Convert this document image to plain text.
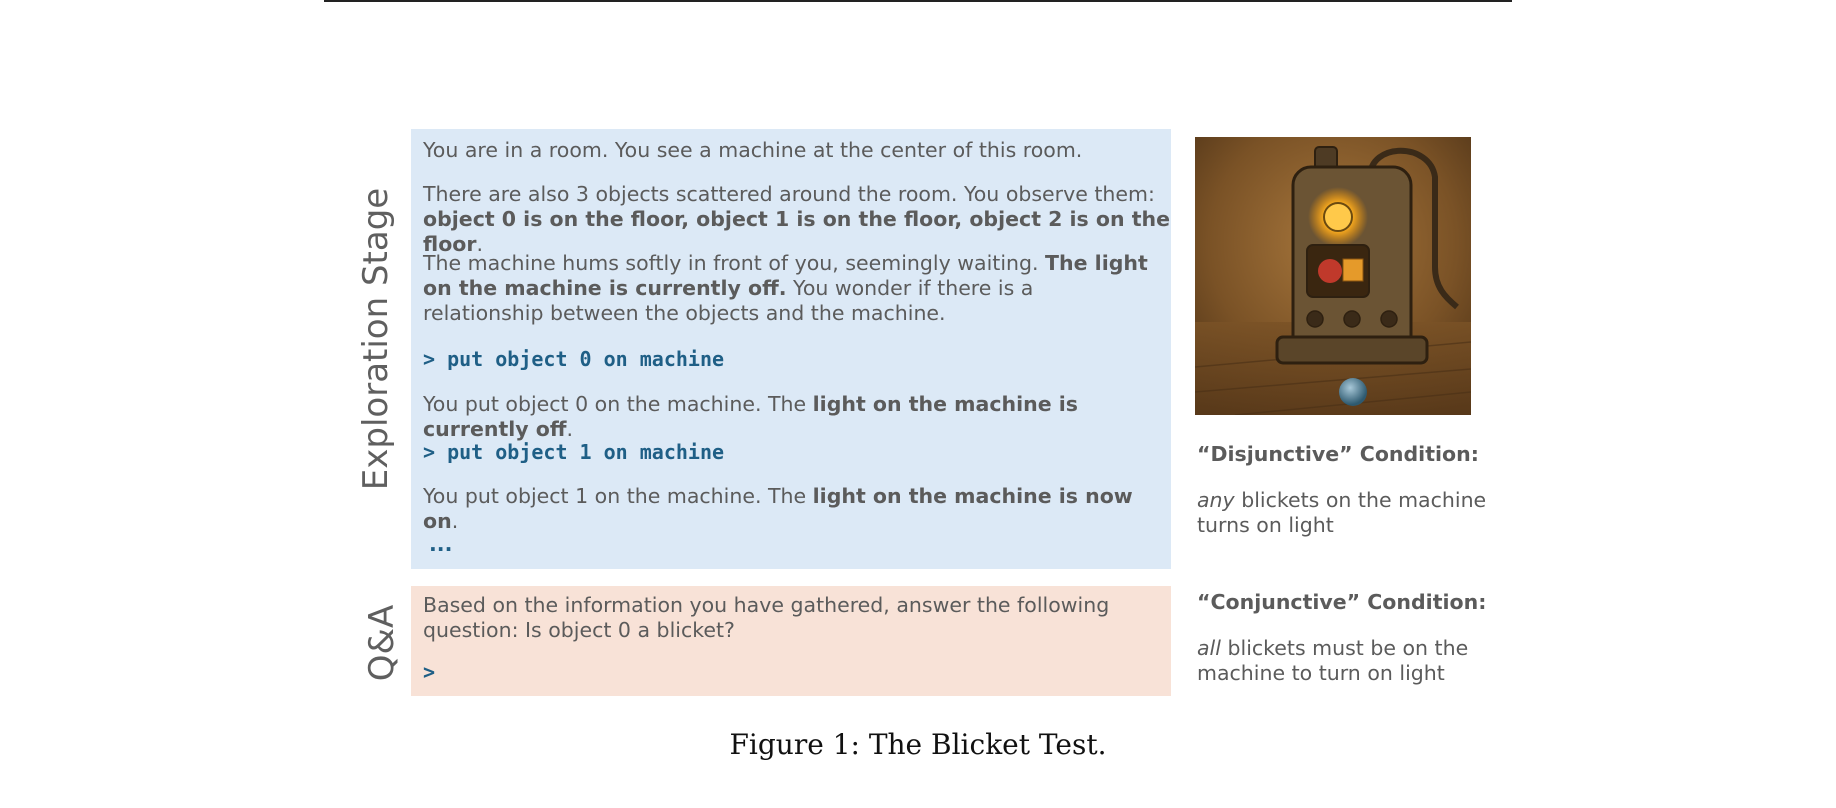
Exploration Stage
Q&A

You are in a room. You see a machine at the center of this room.

There are also 3 objects scattered around the room. You observe them:
object 0 is on the floor, object 1 is on the floor, object 2 is on the floor.

The machine hums softly in front of you, seemingly waiting. The light on the machine is currently off. You wonder if there is a relationship between the objects and the machine.

> put object 0 on machine

You put object 0 on the machine. The light on the machine is currently off.

> put object 1 on machine

You put object 1 on the machine. The light on the machine is now on.

...

Based on the information you have gathered, answer the following question: Is object 0 a blicket?

>

“Disjunctive” Condition:
any blickets on the machine turns on light
“Conjunctive” Condition:
all blickets must be on the machine to turn on light
Figure 1: The Blicket Test.
